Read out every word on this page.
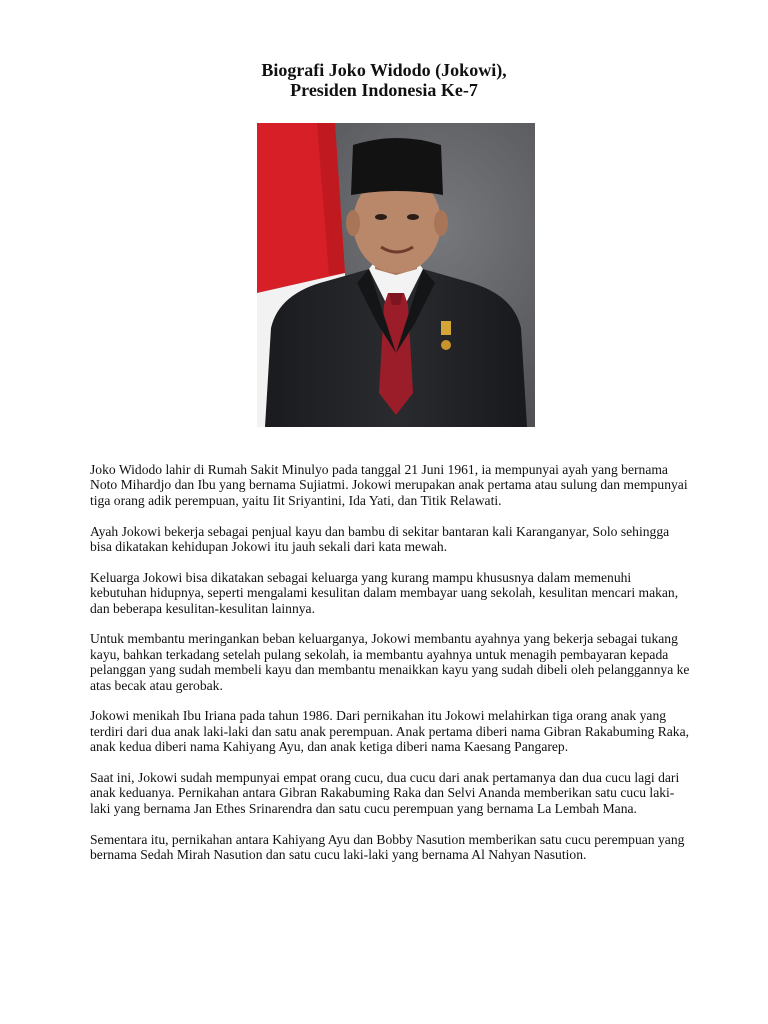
Biografi Joko Widodo (Jokowi),
Presiden Indonesia Ke-7

Joko Widodo lahir di Rumah Sakit Minulyo pada tanggal 21 Juni 1961, ia mempunyai ayah yang bernama Noto Mihardjo dan Ibu yang bernama Sujiatmi. Jokowi merupakan anak pertama atau sulung dan mempunyai tiga orang adik perempuan, yaitu Iit Sriyantini, Ida Yati, dan Titik Relawati.

Ayah Jokowi bekerja sebagai penjual kayu dan bambu di sekitar bantaran kali Karanganyar, Solo sehingga bisa dikatakan kehidupan Jokowi itu jauh sekali dari kata mewah.

Keluarga Jokowi bisa dikatakan sebagai keluarga yang kurang mampu khususnya dalam memenuhi kebutuhan hidupnya, seperti mengalami kesulitan dalam membayar uang sekolah, kesulitan mencari makan, dan beberapa kesulitan-kesulitan lainnya.

Untuk membantu meringankan beban keluarganya, Jokowi membantu ayahnya yang bekerja sebagai tukang kayu, bahkan terkadang setelah pulang sekolah, ia membantu ayahnya untuk menagih pembayaran kepada pelanggan yang sudah membeli kayu dan membantu menaikkan kayu yang sudah dibeli oleh pelanggannya ke atas becak atau gerobak.

Jokowi menikah Ibu Iriana pada tahun 1986. Dari pernikahan itu Jokowi melahirkan tiga orang anak yang terdiri dari dua anak laki-laki dan satu anak perempuan. Anak pertama diberi nama Gibran Rakabuming Raka, anak kedua diberi nama Kahiyang Ayu, dan anak ketiga diberi nama Kaesang Pangarep.

Saat ini, Jokowi sudah mempunyai empat orang cucu, dua cucu dari anak pertamanya dan dua cucu lagi dari anak keduanya. Pernikahan antara Gibran Rakabuming Raka dan Selvi Ananda memberikan satu cucu laki-laki yang bernama Jan Ethes Srinarendra dan satu cucu perempuan yang bernama La Lembah Mana.

Sementara itu, pernikahan antara Kahiyang Ayu dan Bobby Nasution memberikan satu cucu perempuan yang bernama Sedah Mirah Nasution dan satu cucu laki-laki yang bernama Al Nahyan Nasution.
